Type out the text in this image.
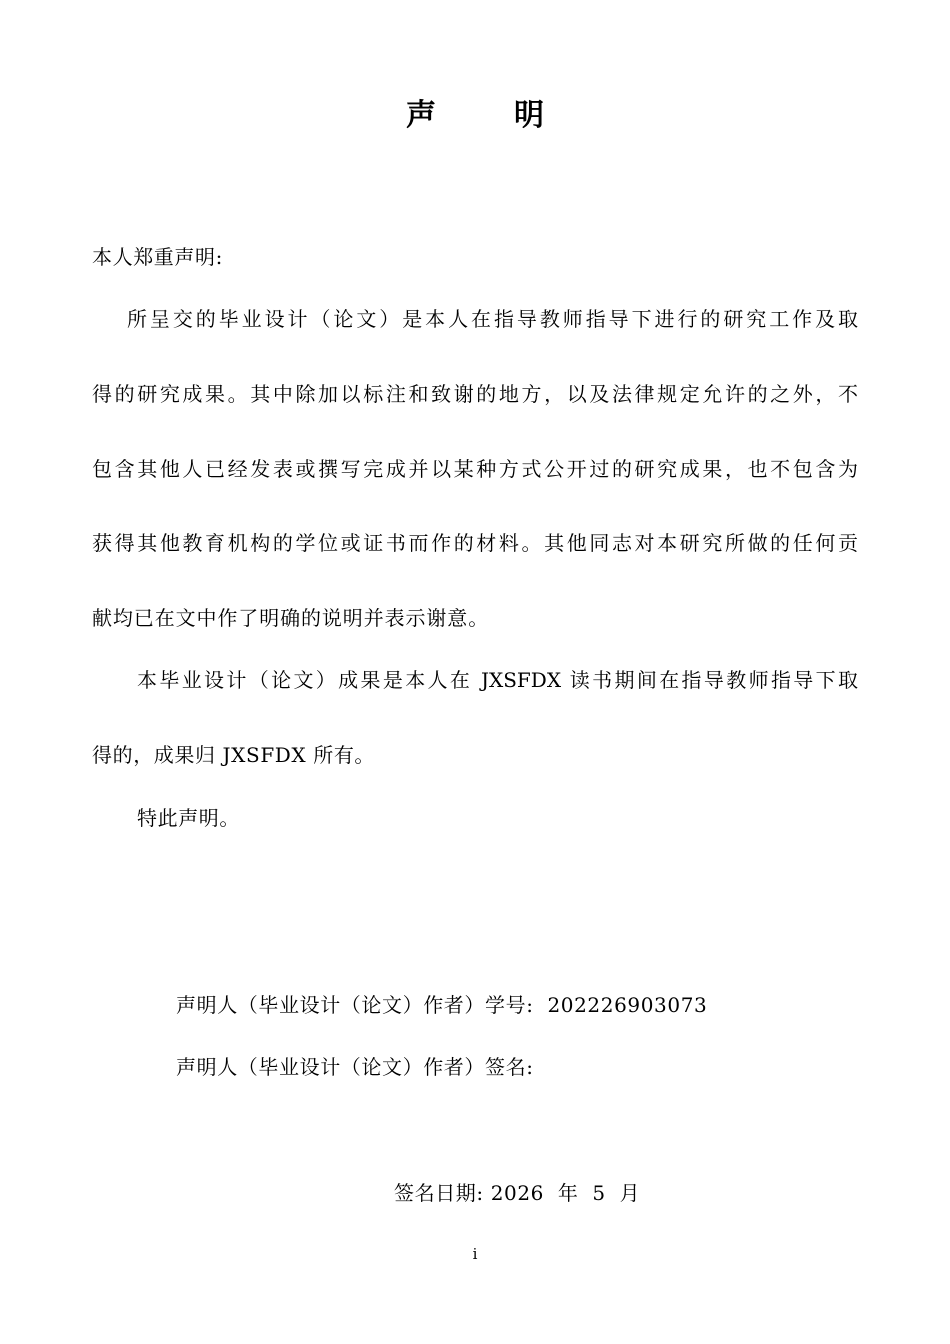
声	明
本人郑重声明:
所呈交的毕业设计（论文）是本人在指导教师指导下进行的研究工作及取
得的研究成果。其中除加以标注和致谢的地方，以及法律规定允许的之外，不
包含其他人已经发表或撰写完成并以某种方式公开过的研究成果，也不包含为
获得其他教育机构的学位或证书而作的材料。其他同志对本研究所做的任何贡
献均已在文中作了明确的说明并表示谢意。
本毕业设计（论文）成果是本人在 JXSFDX 读书期间在指导教师指导下取
得的，成果归 JXSFDX 所有。
特此声明。
声明人（毕业设计（论文）作者）学号:  202226903073
声明人（毕业设计（论文）作者）签名:
签名日期: 2026  年  5  月
i
